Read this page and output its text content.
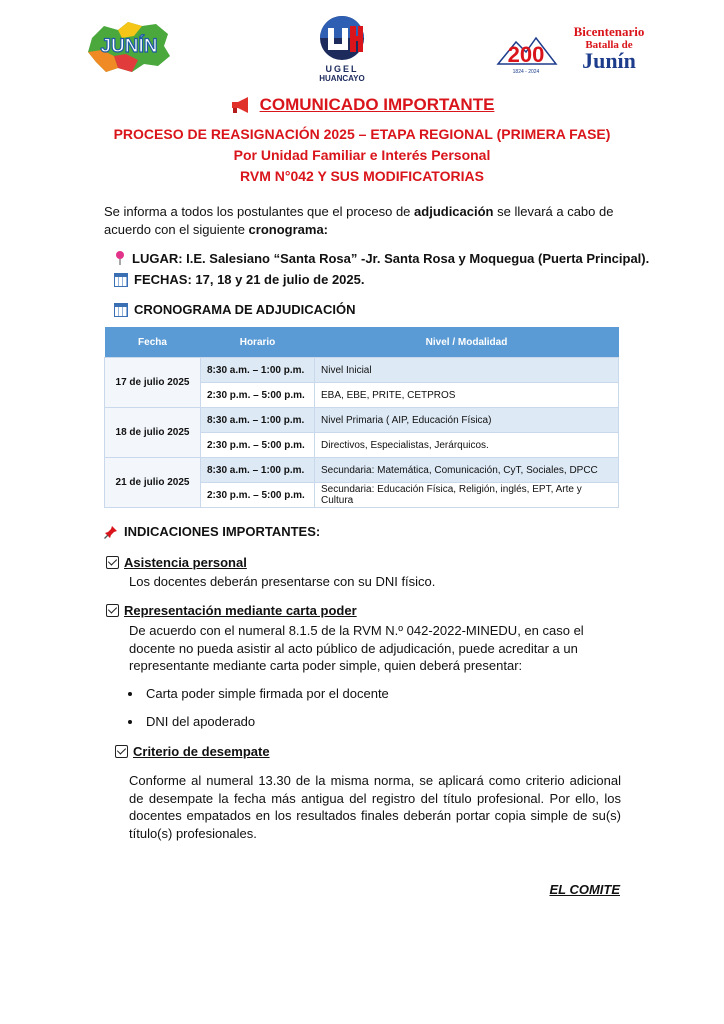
JUNÍN
UGEL
HUANCAYO
200
1824 - 2024
Bicentenario
Batalla de
Junín
COMUNICADO IMPORTANTE
PROCESO DE REASIGNACIÓN 2025 – ETAPA REGIONAL (PRIMERA FASE)
Por Unidad Familiar e Interés Personal
RVM N°042 Y SUS MODIFICATORIAS
Se informa a todos los postulantes que el proceso de adjudicación se llevará a cabo de acuerdo con el siguiente cronograma:
LUGAR: I.E. Salesiano “Santa Rosa” -Jr. Santa Rosa y Moquegua (Puerta Principal).
FECHAS: 17, 18 y 21 de julio de 2025.
CRONOGRAMA DE ADJUDICACIÓN
Fecha	Horario	Nivel / Modalidad
17 de julio 2025	8:30 a.m. – 1:00 p.m.	Nivel Inicial
	2:30 p.m. – 5:00 p.m.	EBA, EBE, PRITE, CETPROS
18 de julio 2025	8:30 a.m. – 1:00 p.m.	Nivel Primaria ( AIP, Educación Física)
	2:30 p.m. – 5:00 p.m.	Directivos, Especialistas, Jerárquicos.
21 de julio 2025	8:30 a.m. – 1:00 p.m.	Secundaria: Matemática, Comunicación, CyT, Sociales, DPCC
	2:30 p.m. – 5:00 p.m.	Secundaria: Educación Física, Religión, inglés, EPT, Arte y Cultura
INDICACIONES IMPORTANTES:
Asistencia personal
Los docentes deberán presentarse con su DNI físico.
Representación mediante carta poder
De acuerdo con el numeral 8.1.5 de la RVM N.º 042-2022-MINEDU, en caso el docente no pueda asistir al acto público de adjudicación, puede acreditar a un representante mediante carta poder simple, quien deberá presentar:
Carta poder simple firmada por el docente
DNI del apoderado
Criterio de desempate
Conforme al numeral 13.30 de la misma norma, se aplicará como criterio adicional de desempate la fecha más antigua del registro del título profesional. Por ello, los docentes empatados en los resultados finales deberán portar copia simple de su(s) título(s) profesionales.
EL COMITE
